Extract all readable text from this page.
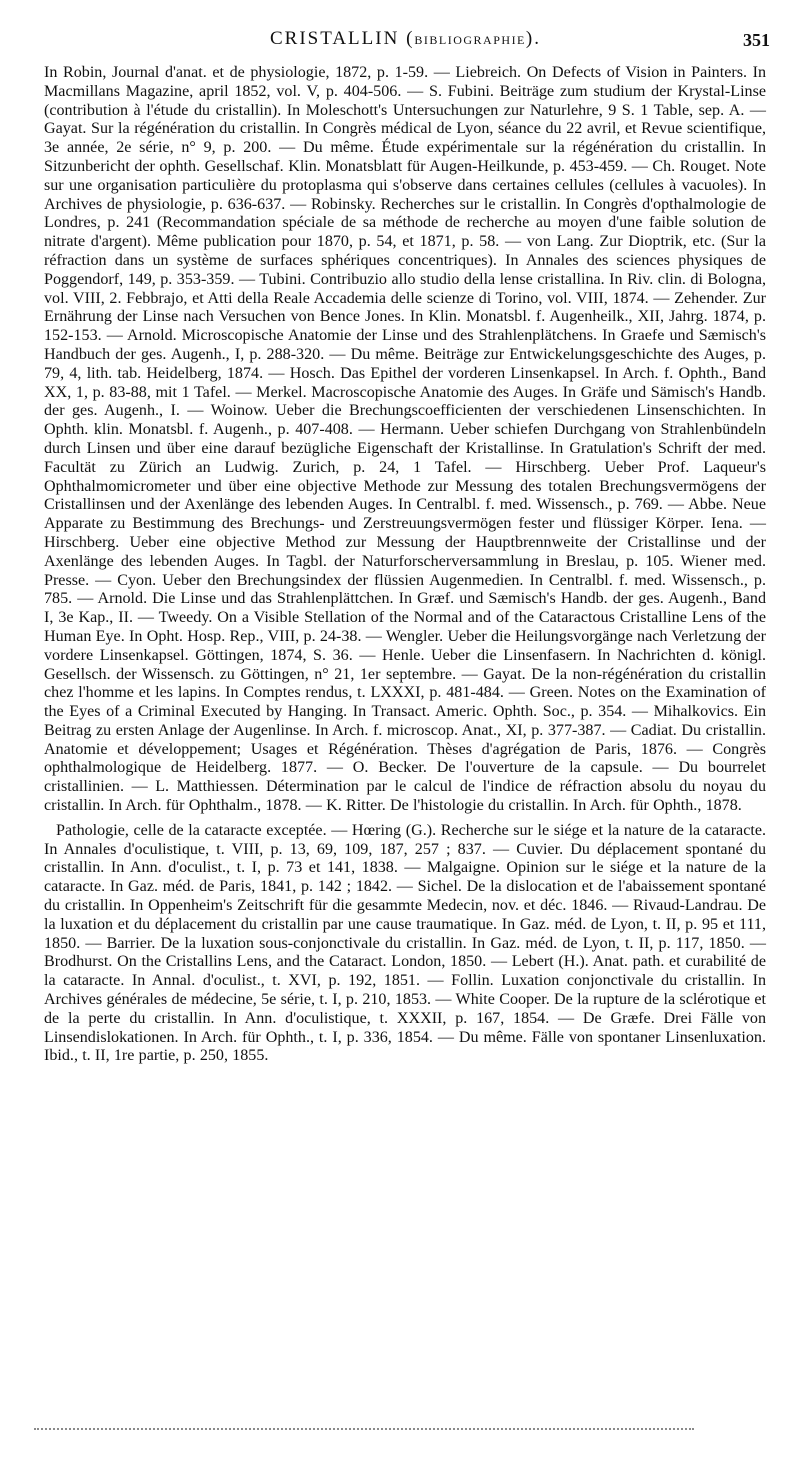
CRISTALLIN (BIBLIOGRAPHIE).	351

In Robin, Journal d'anat. et de physiologie, 1872, p. 1-59. — Liebreich. On Defects of Vision in Painters. In Macmillans Magazine, april 1852, vol. V, p. 404-506. — S. Fubini. Beiträge zum studium der Krystal-Linse (contribution à l'étude du cristallin). In Moleschott's Untersuchungen zur Naturlehre, 9 S. 1 Table, sep. A. — Gayat. Sur la régénération du cristallin. In Congrès médical de Lyon, séance du 22 avril, et Revue scientifique, 3e année, 2e série, n° 9, p. 200. — Du même. Étude expérimentale sur la régénération du cristallin. In Sitzunbericht der ophth. Gesellschaf. Klin. Monatsblatt für Augen-Heilkunde, p. 453-459. — Ch. Rouget. Note sur une organisation particulière du protoplasma qui s'observe dans certaines cellules (cellules à vacuoles). In Archives de physiologie, p. 636-637. — Robinsky. Recherches sur le cristallin. In Congrès d'opthalmologie de Londres, p. 241 (Recommandation spéciale de sa méthode de recherche au moyen d'une faible solution de nitrate d'argent). Même publication pour 1870, p. 54, et 1871, p. 58. — von Lang. Zur Dioptrik, etc. (Sur la réfraction dans un système de surfaces sphériques concentriques). In Annales des sciences physiques de Poggendorf, 149, p. 353-359. — Tubini. Contribuzio allo studio della lense cristallina. In Riv. clin. di Bologna, vol. VIII, 2. Febbrajo, et Atti della Reale Accademia delle scienze di Torino, vol. VIII, 1874. — Zehender. Zur Ernährung der Linse nach Versuchen von Bence Jones. In Klin. Monatsbl. f. Augenheilk., XII, Jahrg. 1874, p. 152-153. — Arnold. Microscopische Anatomie der Linse und des Strahlenplätchens. In Graefe und Sæmisch's Handbuch der ges. Augenh., I, p. 288-320. — Du même. Beiträge zur Entwickelungsgeschichte des Auges, p. 79, 4, lith. tab. Heidelberg, 1874. — Hosch. Das Epithel der vorderen Linsenkapsel. In Arch. f. Ophth., Band XX, 1, p. 83-88, mit 1 Tafel. — Merkel. Macroscopische Anatomie des Auges. In Gräfe und Sämisch's Handb. der ges. Augenh., I. — Woinow. Ueber die Brechungscoefficienten der verschiedenen Linsenschichten. In Ophth. klin. Monatsbl. f. Augenh., p. 407-408. — Hermann. Ueber schiefen Durchgang von Strahlenbündeln durch Linsen und über eine darauf bezügliche Eigenschaft der Kristallinse. In Gratulation's Schrift der med. Facultät zu Zürich an Ludwig. Zurich, p. 24, 1 Tafel. — Hirschberg. Ueber Prof. Laqueur's Ophthalmomicrometer und über eine objective Methode zur Messung des totalen Brechungsvermögens der Cristallinsen und der Axenlänge des lebenden Auges. In Centralbl. f. med. Wissensch., p. 769. — Abbe. Neue Apparate zu Bestimmung des Brechungs- und Zerstreuungsvermögen fester und flüssiger Körper. Iena. — Hirschberg. Ueber eine objective Method zur Messung der Hauptbrennweite der Cristallinse und der Axenlänge des lebenden Auges. In Tagbl. der Naturforscherversammlung in Breslau, p. 105. Wiener med. Presse. — Cyon. Ueber den Brechungsindex der flüssien Augenmedien. In Centralbl. f. med. Wissensch., p. 785. — Arnold. Die Linse und das Strahlenplättchen. In Græf. und Sæmisch's Handb. der ges. Augenh., Band I, 3e Kap., II. — Tweedy. On a Visible Stellation of the Normal and of the Cataractous Cristalline Lens of the Human Eye. In Opht. Hosp. Rep., VIII, p. 24-38. — Wengler. Ueber die Heilungsvorgänge nach Verletzung der vordere Linsenkapsel. Göttingen, 1874, S. 36. — Henle. Ueber die Linsenfasern. In Nachrichten d. königl. Gesellsch. der Wissensch. zu Göttingen, n° 21, 1er septembre. — Gayat. De la non-régénération du cristallin chez l'homme et les lapins. In Comptes rendus, t. LXXXI, p. 481-484. — Green. Notes on the Examination of the Eyes of a Criminal Executed by Hanging. In Transact. Americ. Ophth. Soc., p. 354. — Mihalkovics. Ein Beitrag zu ersten Anlage der Augenlinse. In Arch. f. microscop. Anat., XI, p. 377-387. — Cadiat. Du cristallin. Anatomie et développement; Usages et Régénération. Thèses d'agrégation de Paris, 1876. — Congrès ophthalmologique de Heidelberg. 1877. — O. Becker. De l'ouverture de la capsule. — Du bourrelet cristallinien. — L. Matthiessen. Détermination par le calcul de l'indice de réfraction absolu du noyau du cristallin. In Arch. für Ophthalm., 1878. — K. Ritter. De l'histologie du cristallin. In Arch. für Ophth., 1878.

Pathologie, celle de la cataracte exceptée. — Hœring (G.). Recherche sur le siége et la nature de la cataracte. In Annales d'oculistique, t. VIII, p. 13, 69, 109, 187, 257 ; 837. — Cuvier. Du déplacement spontané du cristallin. In Ann. d'oculist., t. I, p. 73 et 141, 1838. — Malgaigne. Opinion sur le siége et la nature de la cataracte. In Gaz. méd. de Paris, 1841, p. 142 ; 1842. — Sichel. De la dislocation et de l'abaissement spontané du cristallin. In Oppenheim's Zeitschrift für die gesammte Medecin, nov. et déc. 1846. — Rivaud-Landrau. De la luxation et du déplacement du cristallin par une cause traumatique. In Gaz. méd. de Lyon, t. II, p. 95 et 111, 1850. — Barrier. De la luxation sous-conjonctivale du cristallin. In Gaz. méd. de Lyon, t. II, p. 117, 1850. — Brodhurst. On the Cristallins Lens, and the Cataract. London, 1850. — Lebert (H.). Anat. path. et curabilité de la cataracte. In Annal. d'oculist., t. XVI, p. 192, 1851. — Follin. Luxation conjonctivale du cristallin. In Archives générales de médecine, 5e série, t. I, p. 210, 1853. — White Cooper. De la rupture de la sclérotique et de la perte du cristallin. In Ann. d'oculistique, t. XXXII, p. 167, 1854. — De Græfe. Drei Fälle von Linsendislokationen. In Arch. für Ophth., t. I, p. 336, 1854. — Du même. Fälle von spontaner Linsenluxation. Ibid., t. II, 1re partie, p. 250, 1855.
